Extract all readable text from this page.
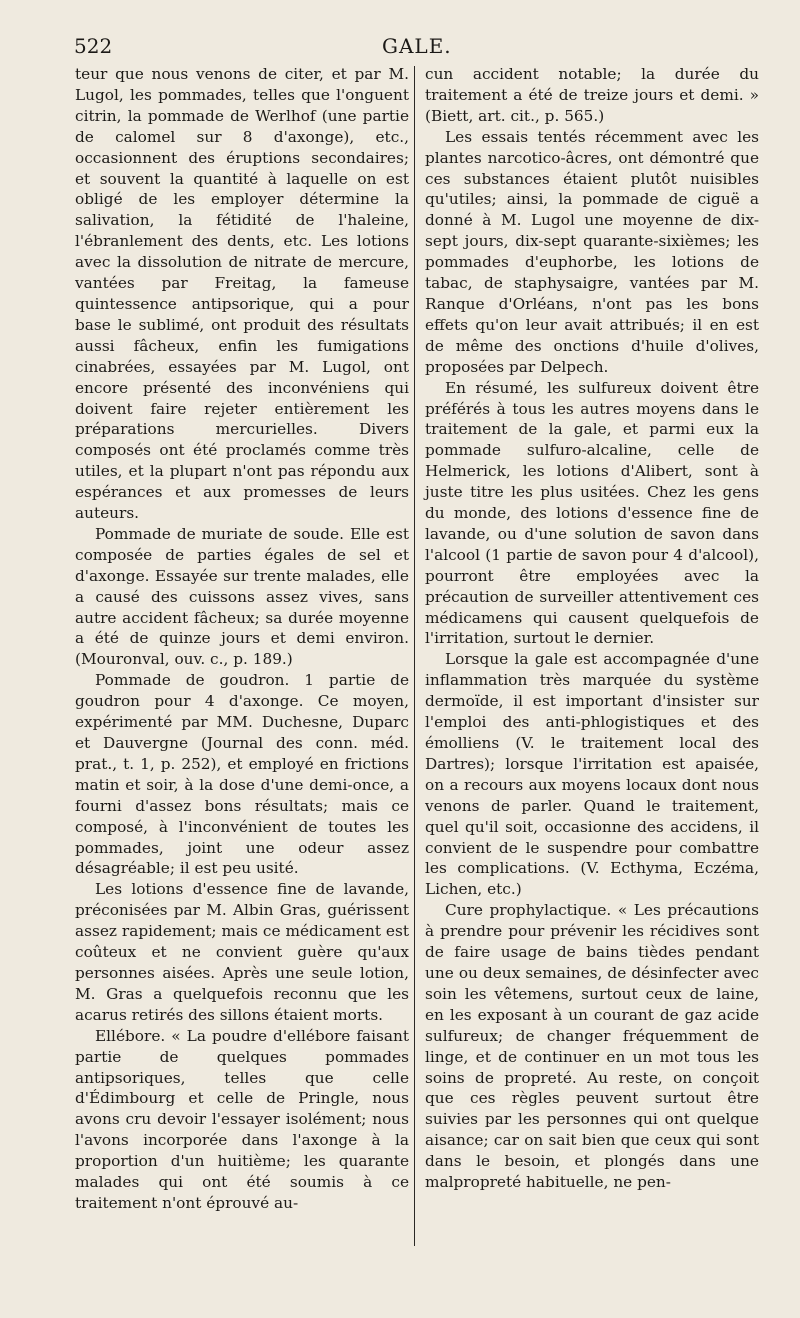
522	GALE.

teur que nous venons de citer, et par M. Lugol, les pommades, telles que l'onguent citrin, la pommade de Werlhof (une partie de calomel sur 8 d'axonge), etc., occasionnent des éruptions secondaires; et souvent la quantité à laquelle on est obligé de les employer détermine la salivation, la fétidité de l'haleine, l'ébranlement des dents, etc. Les lotions avec la dissolution de nitrate de mercure, vantées par Freitag, la fameuse quintessence antipsorique, qui a pour base le sublimé, ont produit des résultats aussi fâcheux, enfin les fumigations cinabrées, essayées par M. Lugol, ont encore présenté des inconvéniens qui doivent faire rejeter entièrement les préparations mercurielles. Divers composés ont été proclamés comme très utiles, et la plupart n'ont pas répondu aux espérances et aux promesses de leurs auteurs.

Pommade de muriate de soude. Elle est composée de parties égales de sel et d'axonge. Essayée sur trente malades, elle a causé des cuissons assez vives, sans autre accident fâcheux; sa durée moyenne a été de quinze jours et demi environ. (Mouronval, ouv. c., p. 189.)

Pommade de goudron. 1 partie de goudron pour 4 d'axonge. Ce moyen, expérimenté par MM. Duchesne, Duparc et Dauvergne (Journal des conn. méd. prat., t. 1, p. 252), et employé en frictions matin et soir, à la dose d'une demi-once, a fourni d'assez bons résultats; mais ce composé, à l'inconvénient de toutes les pommades, joint une odeur assez désagréable; il est peu usité.

Les lotions d'essence fine de lavande, préconisées par M. Albin Gras, guérissent assez rapidement; mais ce médicament est coûteux et ne convient guère qu'aux personnes aisées. Après une seule lotion, M. Gras a quelquefois reconnu que les acarus retirés des sillons étaient morts.

Ellébore. « La poudre d'ellébore faisant partie de quelques pommades antipsoriques, telles que celle d'Édimbourg et celle de Pringle, nous avons cru devoir l'essayer isolément; nous l'avons incorporée dans l'axonge à la proportion d'un huitième; les quarante malades qui ont été soumis à ce traitement n'ont éprouvé au-

cun accident notable; la durée du traitement a été de treize jours et demi. » (Biett, art. cit., p. 565.)

Les essais tentés récemment avec les plantes narcotico-âcres, ont démontré que ces substances étaient plutôt nuisibles qu'utiles; ainsi, la pommade de ciguë a donné à M. Lugol une moyenne de dix-sept jours, dix-sept quarante-sixièmes; les pommades d'euphorbe, les lotions de tabac, de staphysaigre, vantées par M. Ranque d'Orléans, n'ont pas les bons effets qu'on leur avait attribués; il en est de même des onctions d'huile d'olives, proposées par Delpech.

En résumé, les sulfureux doivent être préférés à tous les autres moyens dans le traitement de la gale, et parmi eux la pommade sulfuro-alcaline, celle de Helmerick, les lotions d'Alibert, sont à juste titre les plus usitées. Chez les gens du monde, des lotions d'essence fine de lavande, ou d'une solution de savon dans l'alcool (1 partie de savon pour 4 d'alcool), pourront être employées avec la précaution de surveiller attentivement ces médicamens qui causent quelquefois de l'irritation, surtout le dernier.

Lorsque la gale est accompagnée d'une inflammation très marquée du système dermoïde, il est important d'insister sur l'emploi des anti-phlogistiques et des émolliens (V. le traitement local des Dartres); lorsque l'irritation est apaisée, on a recours aux moyens locaux dont nous venons de parler. Quand le traitement, quel qu'il soit, occasionne des accidens, il convient de le suspendre pour combattre les complications. (V. Ecthyma, Eczéma, Lichen, etc.)

Cure prophylactique. « Les précautions à prendre pour prévenir les récidives sont de faire usage de bains tièdes pendant une ou deux semaines, de désinfecter avec soin les vêtemens, surtout ceux de laine, en les exposant à un courant de gaz acide sulfureux; de changer fréquemment de linge, et de continuer en un mot tous les soins de propreté. Au reste, on conçoit que ces règles peuvent surtout être suivies par les personnes qui ont quelque aisance; car on sait bien que ceux qui sont dans le besoin, et plongés dans une malpropreté habituelle, ne pen-
